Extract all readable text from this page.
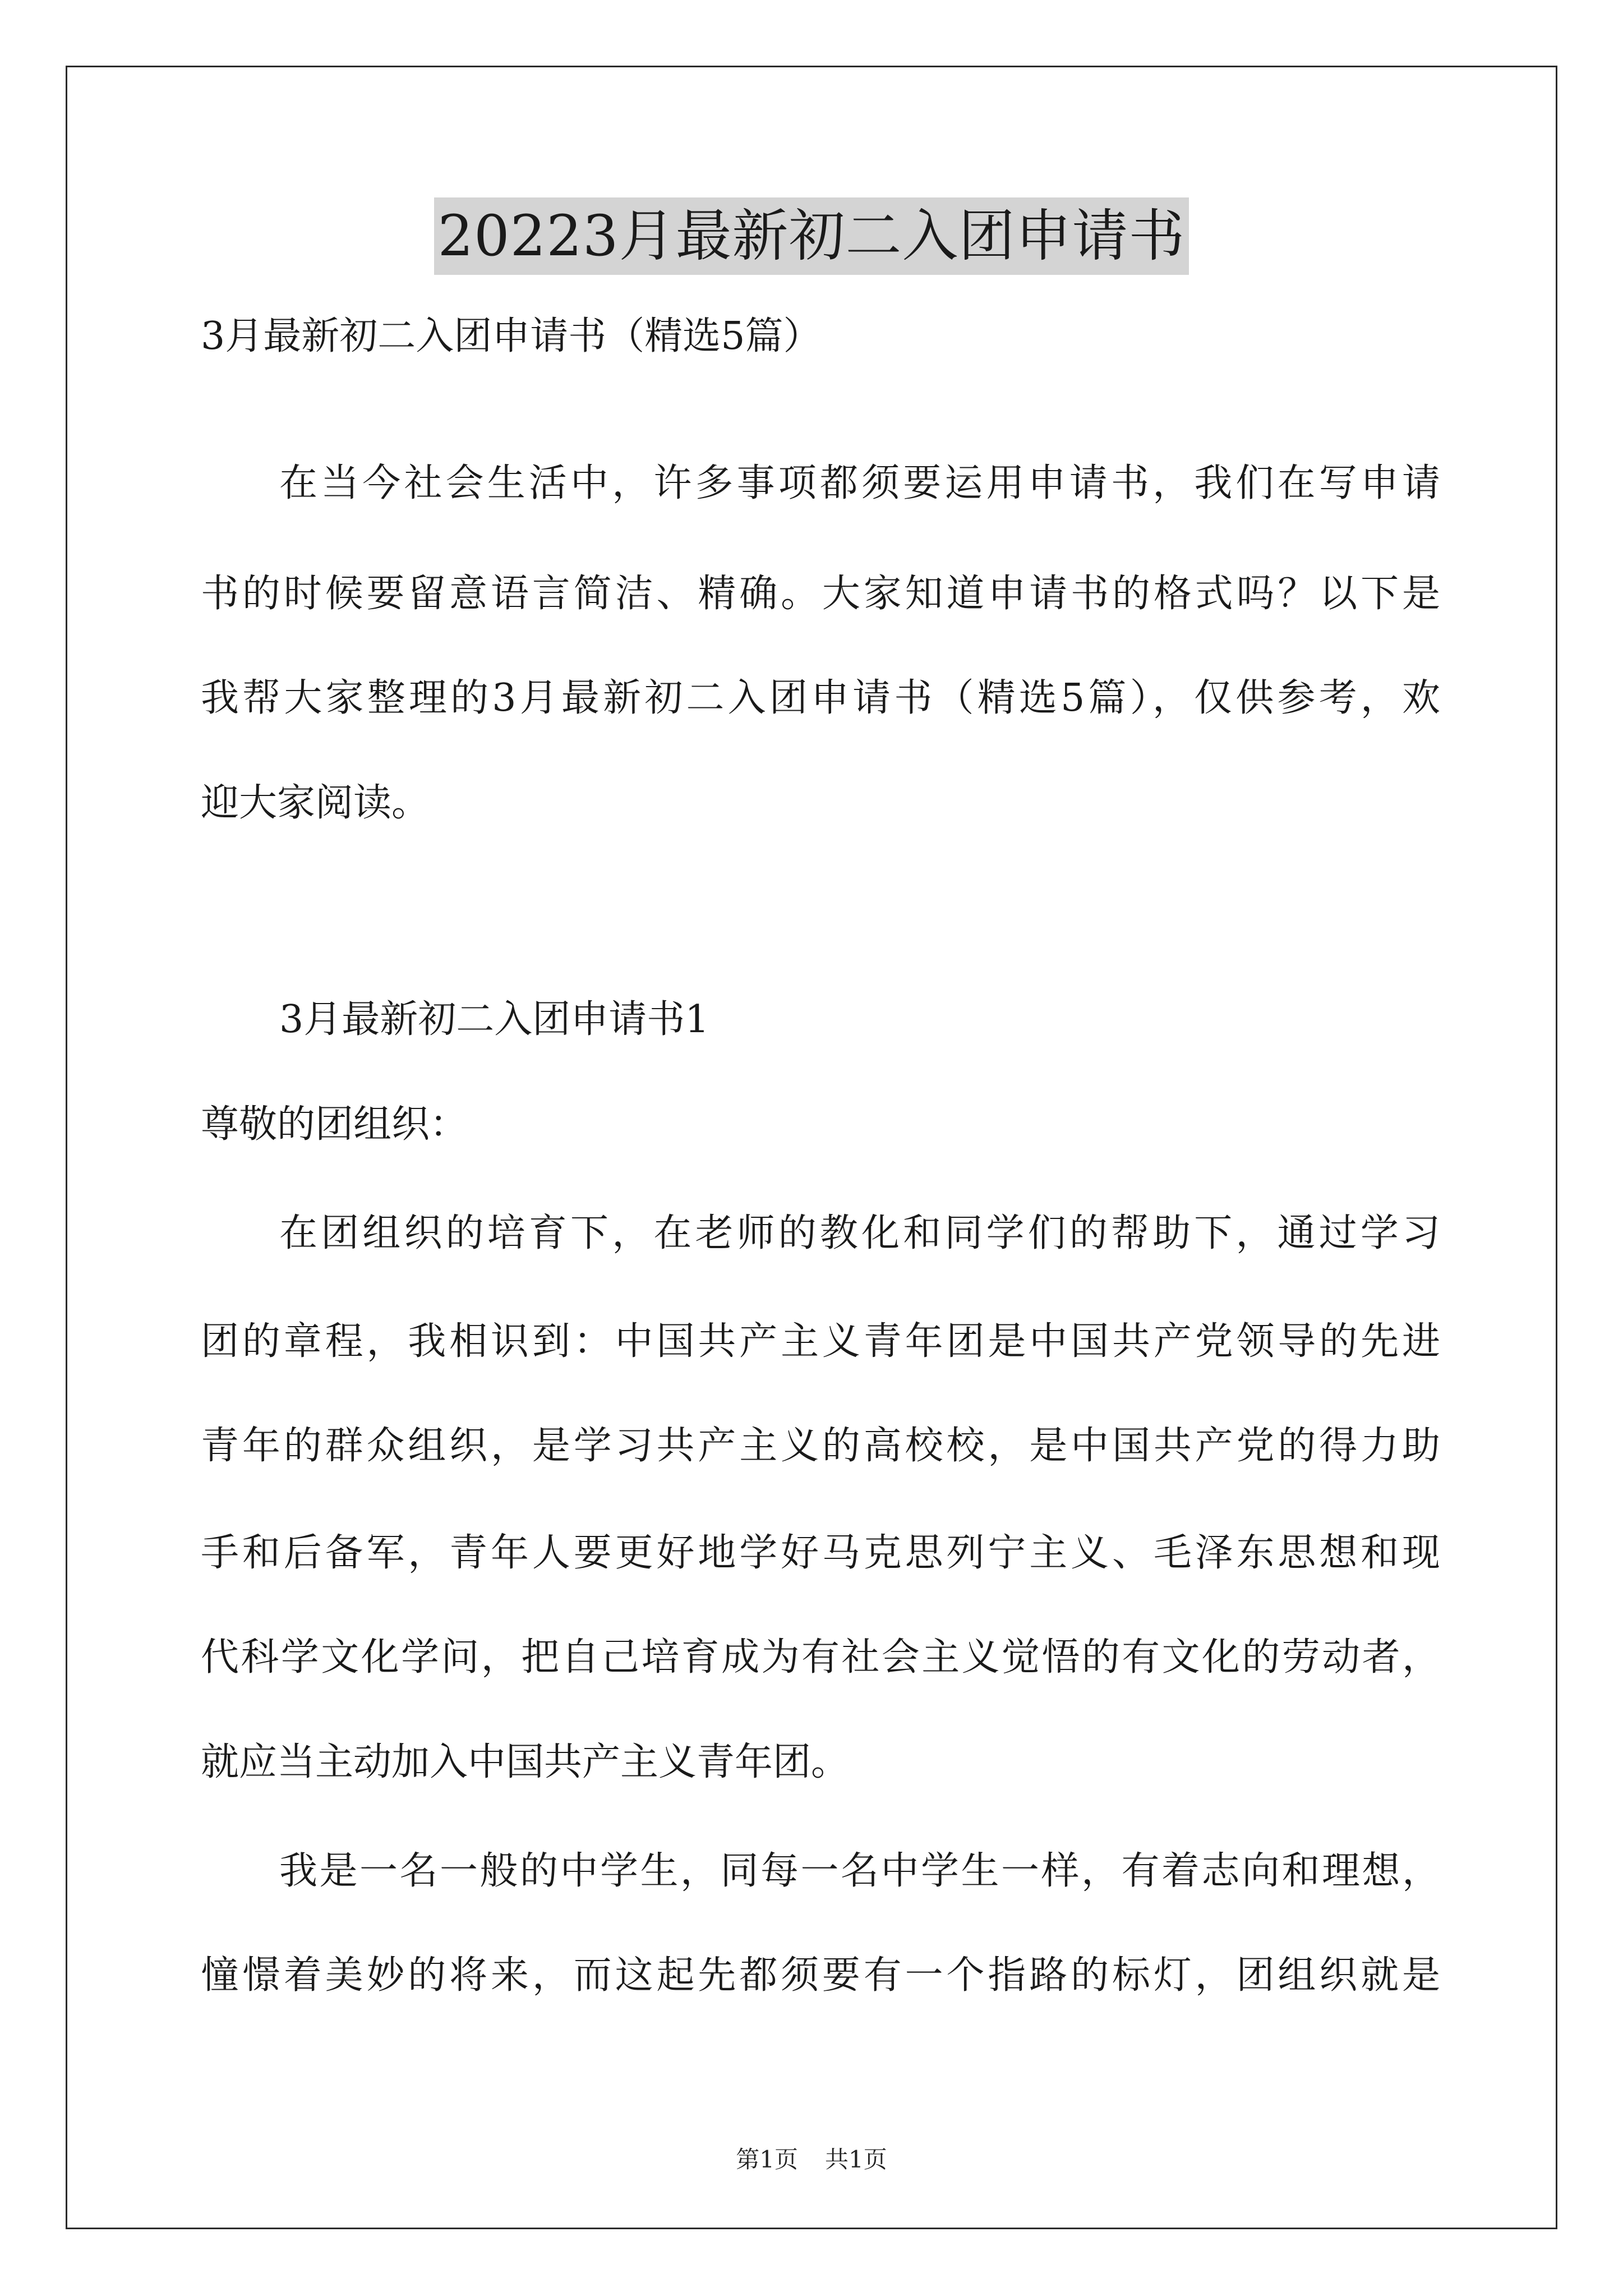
20223月最新初二入团申请书
3月最新初二入团申请书（精选5篇）
在当今社会生活中，许多事项都须要运用申请书，我们在写申请
书的时候要留意语言简洁、精确。大家知道申请书的格式吗？以下是
我帮大家整理的3月最新初二入团申请书（精选5篇），仅供参考，欢
迎大家阅读。
3月最新初二入团申请书1
尊敬的团组织：
在团组织的培育下，在老师的教化和同学们的帮助下，通过学习
团的章程，我相识到：中国共产主义青年团是中国共产党领导的先进
青年的群众组织，是学习共产主义的高校校，是中国共产党的得力助
手和后备军，青年人要更好地学好马克思列宁主义、毛泽东思想和现
代科学文化学问，把自己培育成为有社会主义觉悟的有文化的劳动者，
就应当主动加入中国共产主义青年团。
我是一名一般的中学生，同每一名中学生一样，有着志向和理想，
憧憬着美妙的将来，而这起先都须要有一个指路的标灯，团组织就是
第1页 共1页
